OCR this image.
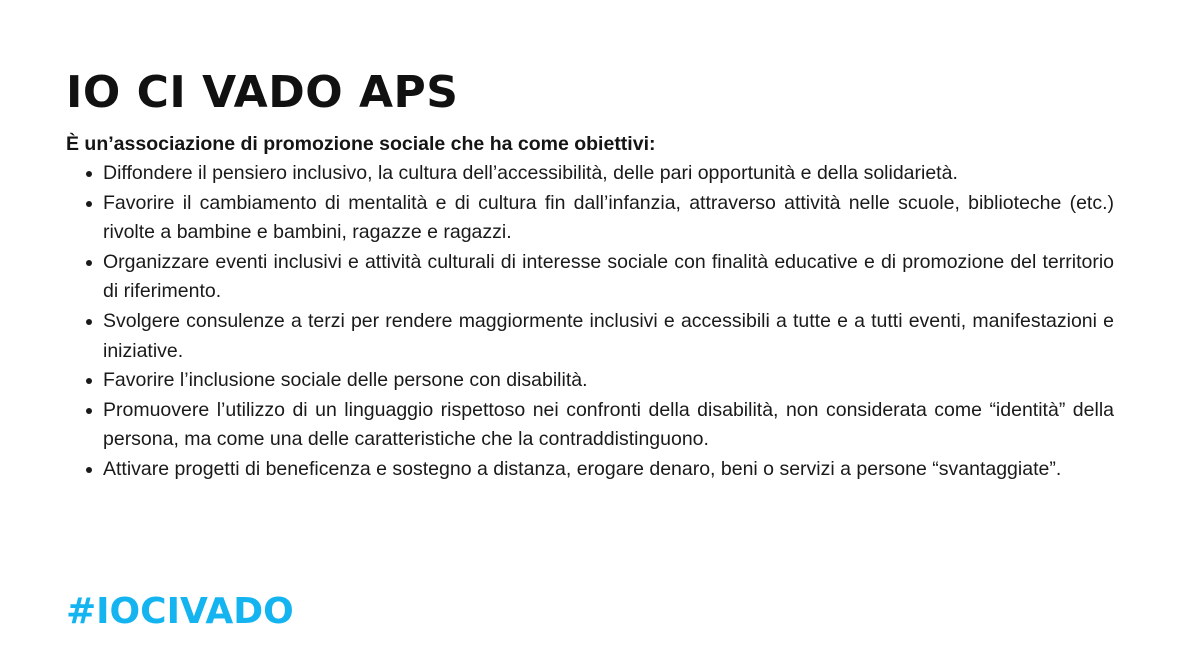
IO CI VADO APS

È un’associazione di promozione sociale che ha come obiettivi:

Diffondere il pensiero inclusivo, la cultura dell’accessibilità, delle pari opportunità e della solidarietà.
Favorire il cambiamento di mentalità e di cultura fin dall’infanzia, attraverso attività nelle scuole, biblioteche (etc.) rivolte a bambine e bambini, ragazze e ragazzi.
Organizzare eventi inclusivi e attività culturali di interesse sociale con finalità educative e di promozione del territorio di riferimento.
Svolgere consulenze a terzi per rendere maggiormente inclusivi e accessibili a tutte e a tutti eventi, manifestazioni e iniziative.
Favorire l’inclusione sociale delle persone con disabilità.
Promuovere l’utilizzo di un linguaggio rispettoso nei confronti della disabilità, non considerata come “identità” della persona, ma come una delle caratteristiche che la contraddistinguono.
Attivare progetti di beneficenza e sostegno a distanza, erogare denaro, beni o servizi a persone “svantaggiate”.

#IOCIVADO
